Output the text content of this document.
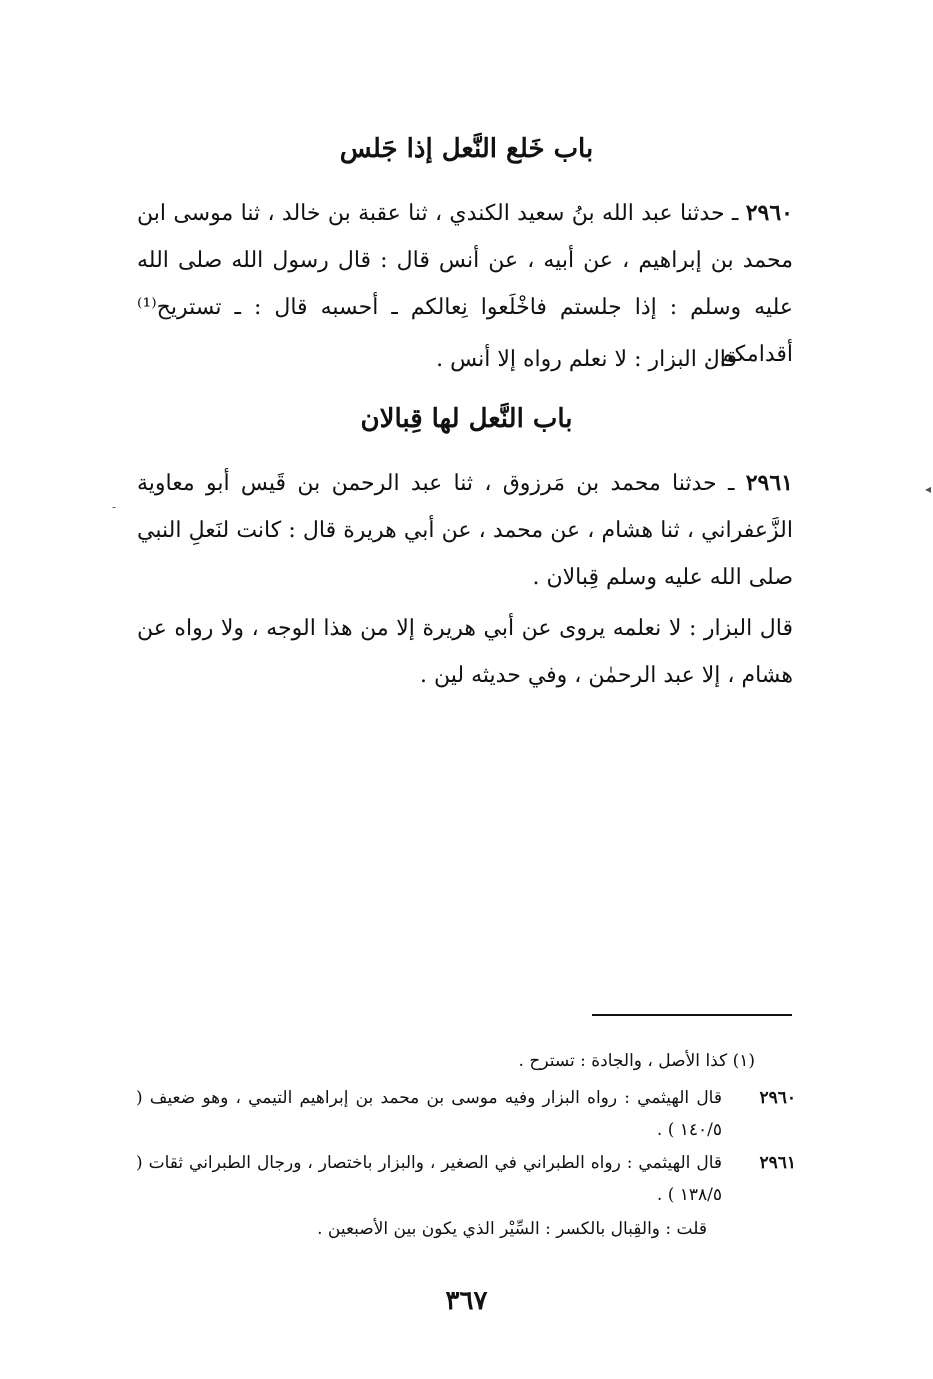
باب خَلع النَّعل إذا جَلس
٢٩٦٠ ـ حدثنا عبد الله بنُ سعيد الكندي ، ثنا عقبة بن خالد ، ثنا موسى ابن محمد بن إبراهيم ، عن أبيه ، عن أنس قال : قال رسول الله صلى الله عليه وسلم : إذا جلستم فاخْلَعوا نِعالكم ـ أحسبه قال : ـ تستريح⁽¹⁾ أقدامكم .
قال البزار : لا نعلم رواه إلا أنس .
باب النَّعل لها قِبالان
٢٩٦١ ـ حدثنا محمد بن مَرزوق ، ثنا عبد الرحمن بن قَيس أبو معاوية الزَّعفراني ، ثنا هشام ، عن محمد ، عن أبي هريرة قال : كانت لنَعلِ النبي صلى الله عليه وسلم قِبالان .
قال البزار : لا نعلمه يروى عن أبي هريرة إلا من هذا الوجه ، ولا رواه عن هشام ، إلا عبد الرحمٰن ، وفي حديثه لين .
(١) كذا الأصل ، والجادة : تسترح .
٢٩٦٠
قال الهيثمي : رواه البزار وفيه موسى بن محمد بن إبراهيم التيمي ، وهو ضعيف ( ١٤٠/٥ ) .
٢٩٦١
قال الهيثمي : رواه الطبراني في الصغير ، والبزار باختصار ، ورجال الطبراني ثقات ( ١٣٨/٥ ) .
قلت : والقِبال بالكسر : السِّيْر الذي يكون بين الأصبعين .
٣٦٧
◂
-
